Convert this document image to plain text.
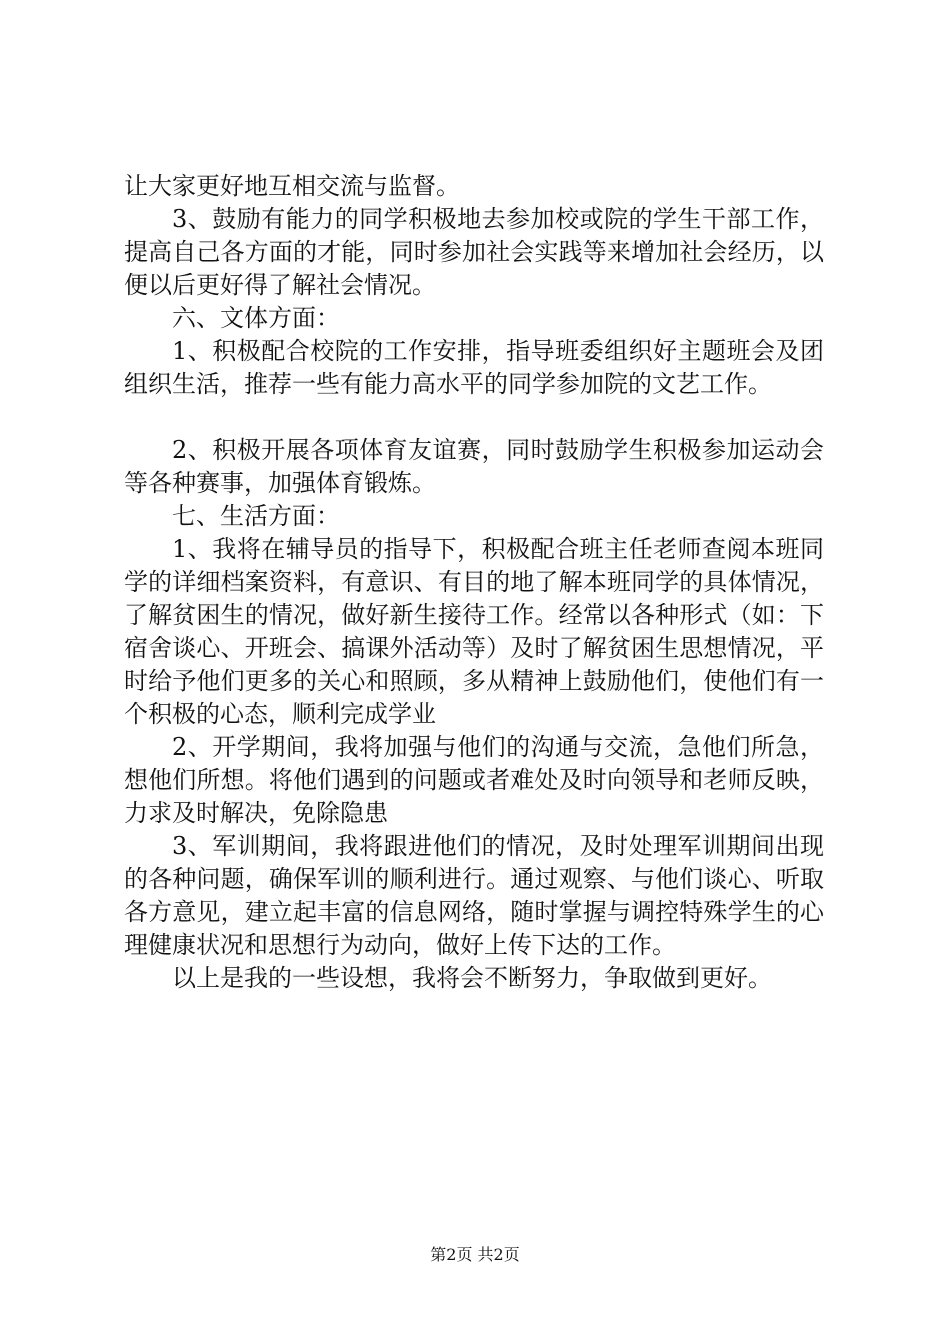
让大家更好地互相交流与监督。

3、鼓励有能力的同学积极地去参加校或院的学生干部工作，提高自己各方面的才能，同时参加社会实践等来增加社会经历，以便以后更好得了解社会情况。

六、文体方面：

1、积极配合校院的工作安排，指导班委组织好主题班会及团组织生活，推荐一些有能力高水平的同学参加院的文艺工作。

2、积极开展各项体育友谊赛，同时鼓励学生积极参加运动会等各种赛事，加强体育锻炼。

七、生活方面：

1、我将在辅导员的指导下，积极配合班主任老师查阅本班同学的详细档案资料，有意识、有目的地了解本班同学的具体情况，了解贫困生的情况，做好新生接待工作。经常以各种形式（如：下宿舍谈心、开班会、搞课外活动等）及时了解贫困生思想情况，平时给予他们更多的关心和照顾，多从精神上鼓励他们，使他们有一个积极的心态，顺利完成学业

2、开学期间，我将加强与他们的沟通与交流，急他们所急，想他们所想。将他们遇到的问题或者难处及时向领导和老师反映，力求及时解决，免除隐患

3、军训期间，我将跟进他们的情况，及时处理军训期间出现的各种问题，确保军训的顺利进行。通过观察、与他们谈心、听取各方意见，建立起丰富的信息网络，随时掌握与调控特殊学生的心理健康状况和思想行为动向，做好上传下达的工作。

以上是我的一些设想，我将会不断努力，争取做到更好。

第2页 共2页
